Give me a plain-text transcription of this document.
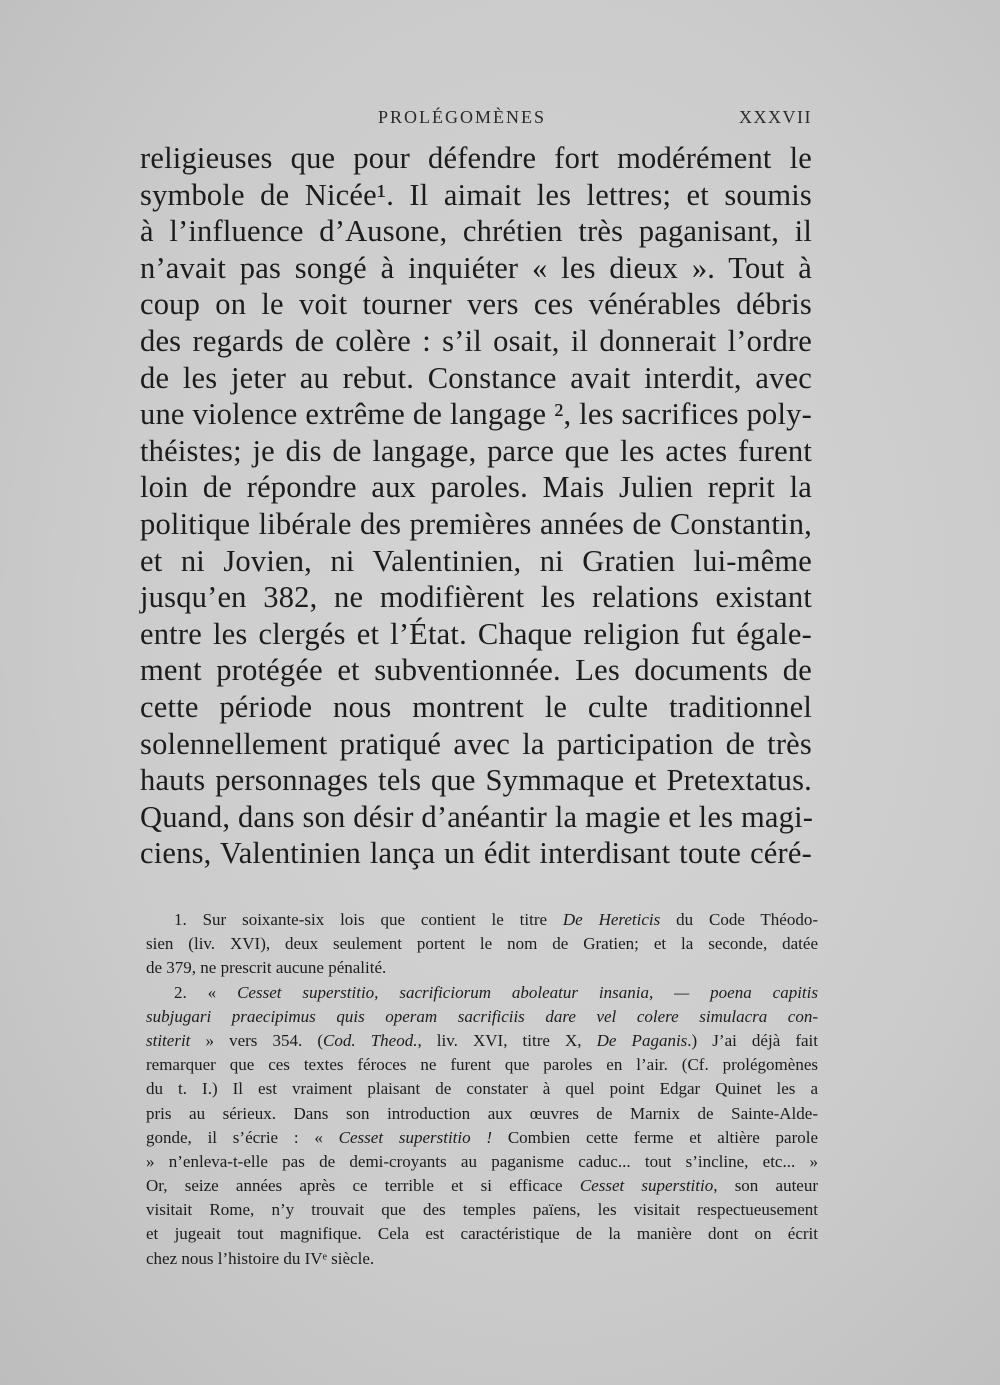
PROLÉGOMÈNES	XXXVII
religieuses que pour défendre fort modérément le
symbole de Nicée¹. Il aimait les lettres; et soumis
à l’influence d’Ausone, chrétien très paganisant, il
n’avait pas songé à inquiéter « les dieux ». Tout à
coup on le voit tourner vers ces vénérables débris
des regards de colère : s’il osait, il donnerait l’ordre
de les jeter au rebut. Constance avait interdit, avec
une violence extrême de langage ², les sacrifices poly-
théistes; je dis de langage, parce que les actes furent
loin de répondre aux paroles. Mais Julien reprit la
politique libérale des premières années de Constantin,
et ni Jovien, ni Valentinien, ni Gratien lui-même
jusqu’en 382, ne modifièrent les relations existant
entre les clergés et l’État. Chaque religion fut égale-
ment protégée et subventionnée. Les documents de
cette période nous montrent le culte traditionnel
solennellement pratiqué avec la participation de très
hauts personnages tels que Symmaque et Pretextatus.
Quand, dans son désir d’anéantir la magie et les magi-
ciens, Valentinien lança un édit interdisant toute céré-
1. Sur soixante-six lois que contient le titre De Hereticis du Code Théodo-
sien (liv. XVI), deux seulement portent le nom de Gratien; et la seconde, datée
de 379, ne prescrit aucune pénalité.
2. « Cesset superstitio, sacrificiorum aboleatur insania, — poena capitis
subjugari praecipimus quis operam sacrificiis dare vel colere simulacra con-
stiterit » vers 354. (Cod. Theod., liv. XVI, titre X, De Paganis.) J’ai déjà fait
remarquer que ces textes féroces ne furent que paroles en l’air. (Cf. prolégomènes
du t. I.) Il est vraiment plaisant de constater à quel point Edgar Quinet les a
pris au sérieux. Dans son introduction aux œuvres de Marnix de Sainte-Alde-
gonde, il s’écrie : « Cesset superstitio ! Combien cette ferme et altière parole
» n’enleva-t-elle pas de demi-croyants au paganisme caduc... tout s’incline, etc... »
Or, seize années après ce terrible et si efficace Cesset superstitio, son auteur
visitait Rome, n’y trouvait que des temples païens, les visitait respectueusement
et jugeait tout magnifique. Cela est caractéristique de la manière dont on écrit
chez nous l’histoire du IVᵉ siècle.
